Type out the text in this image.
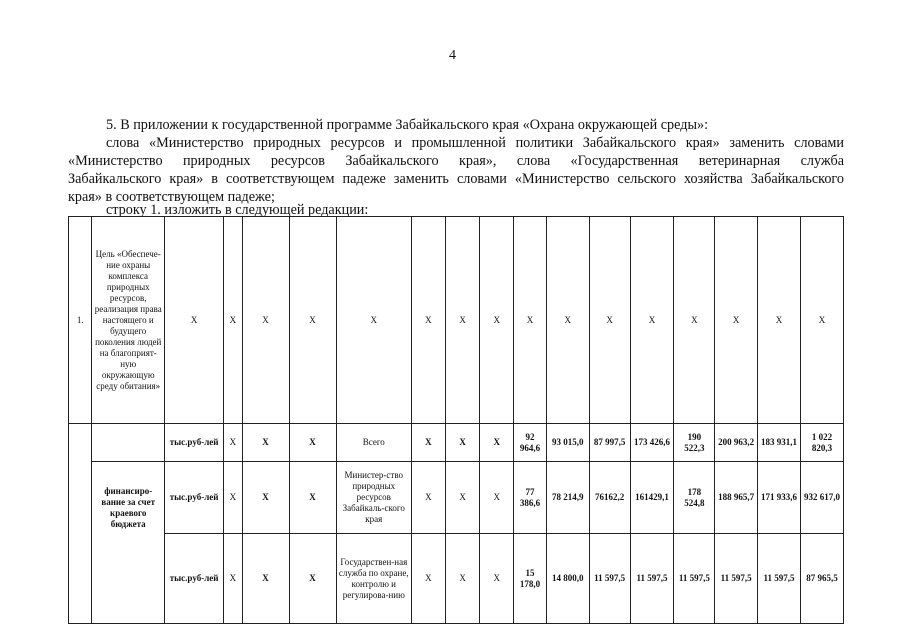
4
5. В приложении к государственной программе Забайкальского края «Охрана окружающей среды»:
слова «Министерство природных ресурсов и промышленной политики Забайкальского края» заменить словами
«Министерство природных ресурсов Забайкальского края», слова «Государственная ветеринарная служба
Забайкальского края» в соответствующем падеже заменить словами «Министерство сельского хозяйства Забайкальского
края» в соответствующем падеже;
строку 1. изложить в следующей редакции:
1.	Цель «Обеспече-ние охраны комплекса природных ресурсов, реализация права настоящего и будущего поколения людей на благоприят-ную окружающую среду обитания»	X	X	X	X	X	X	X	X	X	X	X	X	X	X	X	X
		тыс.руб-лей	X	X	X	Всего	X	X	X	92 964,6	93 015,0	87 997,5	173 426,6	190 522,3	200 963,2	183 931,1	1 022 820,3
	финансиро-вание за счет краевого бюджета	тыс.руб-лей	X	X	X	Министер-ство природных ресурсов Забайкаль-ского края	X	X	X	77 386,6	78 214,9	76162,2	161429,1	178 524,8	188 965,7	171 933,6	932 617,0
		тыс.руб-лей	X	X	X	Государствен-ная служба по охране, контролю и регулирова-нию	X	X	X	15 178,0	14 800,0	11 597,5	11 597,5	11 597,5	11 597,5	11 597,5	87 965,5
